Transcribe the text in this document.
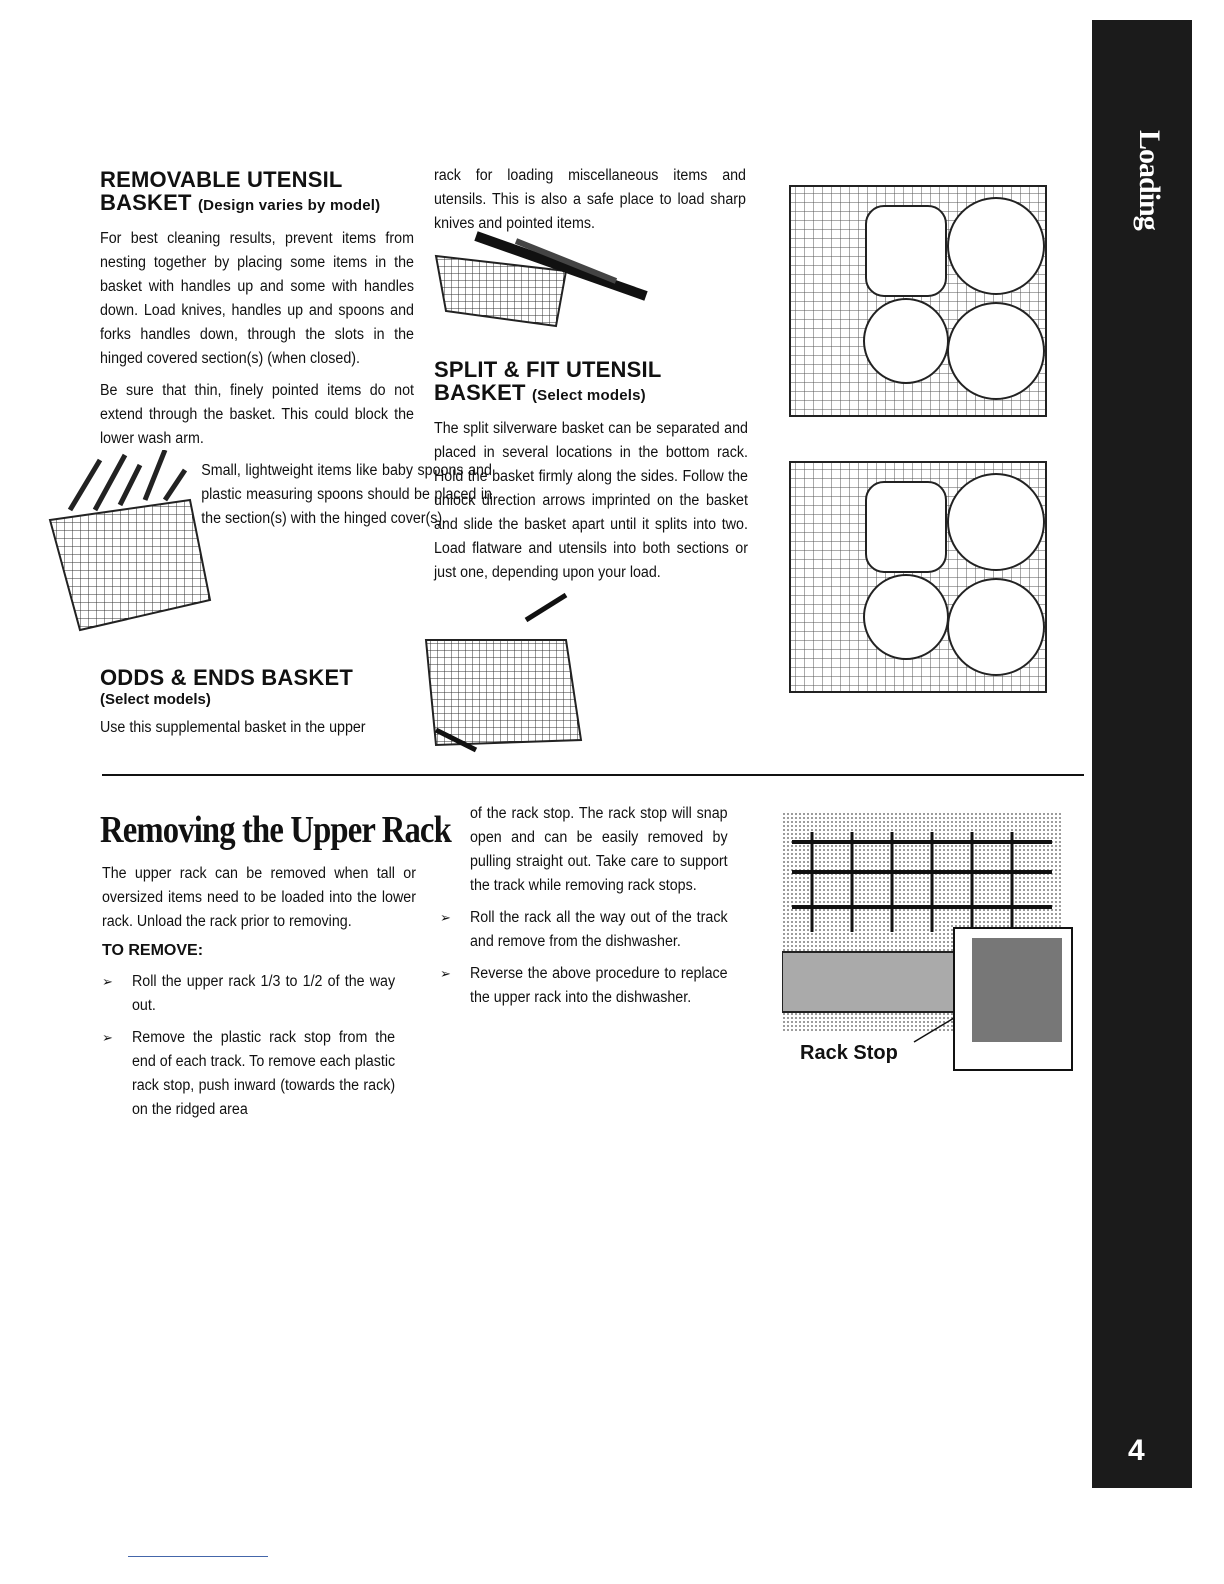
Loading
4
REMOVABLE UTENSIL
BASKET (Design varies by model)

For best cleaning results, prevent items from nesting together by placing some items in the basket with handles up and some with handles down. Load knives, handles up and spoons and forks handles down, through the slots in the hinged covered section(s) (when closed).

Be sure that thin, finely pointed items do not extend through the basket. This could block the lower wash arm.

Small, lightweight items like baby spoons and plastic measuring spoons should be placed in the section(s) with the hinged cover(s).

ODDS & ENDS BASKET
(Select models)

Use this supplemental basket in the upper

rack for loading miscellaneous items and utensils. This is also a safe place to load sharp knives and pointed items.

SPLIT & FIT UTENSIL
BASKET (Select models)

The split silverware basket can be separated and placed in several locations in the bottom rack. Hold the basket firmly along the sides. Follow the unlock direction arrows imprinted on the basket and slide the basket apart until it splits into two. Load flatware and utensils into both sections or just one, depending upon your load.

Removing the Upper Rack

The upper rack can be removed when tall or oversized items need to be loaded into the lower rack. Unload the rack prior to removing.

TO REMOVE:
➢	Roll the upper rack 1/3 to 1/2 of the way out.
➢	Remove the plastic rack stop from the end of each track. To remove each plastic rack stop, push inward (towards the rack) on the ridged area
of the rack stop. The rack stop will snap open and can be easily removed by pulling straight out. Take care to support the track while removing rack stops.
➢	Roll the rack all the way out of the track and remove from the dishwasher.
➢	Reverse the above procedure to replace the upper rack into the dishwasher.
Rack Stop
